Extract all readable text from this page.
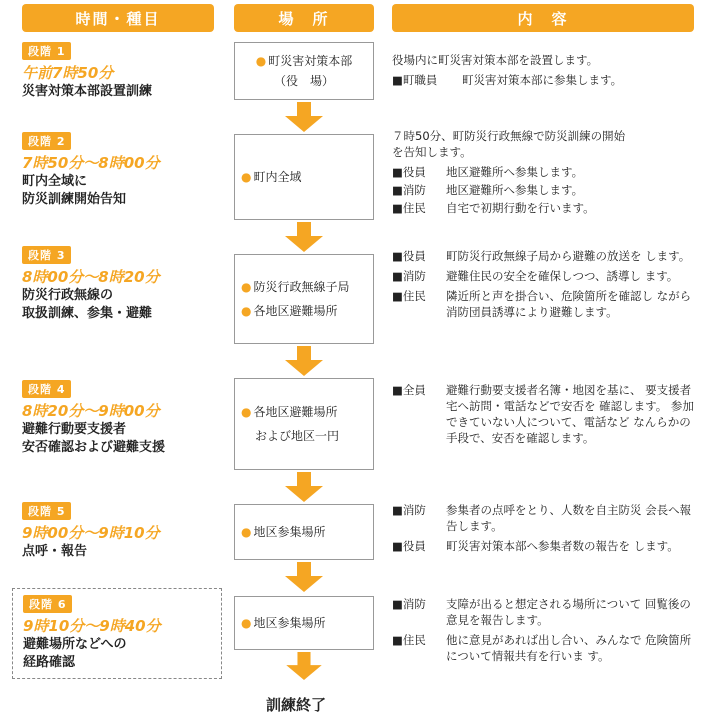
時間・種目	場　所	内　容
段階 1
午前7時50分
災害対策本部設置訓練
● 町災害対策本部
（役　場）
役場内に町災害対策本部を設置します。
■町職員	町災害対策本部に参集します。
段階 2
7時50分～8時00分
町内全域に
防災訓練開始告知
● 町内全域
７時50分、町防災行政無線で防災訓練の開始
を告知します。
■役員	地区避難所へ参集します。
■消防	地区避難所へ参集します。
■住民	自宅で初期行動を行います。
段階 3
8時00分～8時20分
防災行政無線の
取扱訓練、参集・避難
● 防災行政無線子局
● 各地区避難場所
■役員	町防災行政無線子局から避難の放送を します。
■消防	避難住民の安全を確保しつつ、誘導し ます。
■住民	隣近所と声を掛合い、危険箇所を確認し ながら消防団員誘導により避難します。
段階 4
8時20分～9時00分
避難行動要支援者
安否確認および避難支援
● 各地区避難場所
および地区一円
■全員	避難行動要支援者名簿・地図を基に、 要支援者宅へ訪問・電話などで安否を 確認します。 参加できていない人について、電話など なんらかの手段で、安否を確認します。
段階 5
9時00分～9時10分
点呼・報告
● 地区参集場所
■消防	参集者の点呼をとり、人数を自主防災 会長へ報告します。
■役員	町災害対策本部へ参集者数の報告を します。
段階 6
9時10分～9時40分
避難場所などへの
経路確認
● 地区参集場所
■消防	支障が出ると想定される場所について 回覧後の意見を報告します。
■住民	他に意見があれば出し合い、みんなで 危険箇所について情報共有を行いま す。
訓練終了
